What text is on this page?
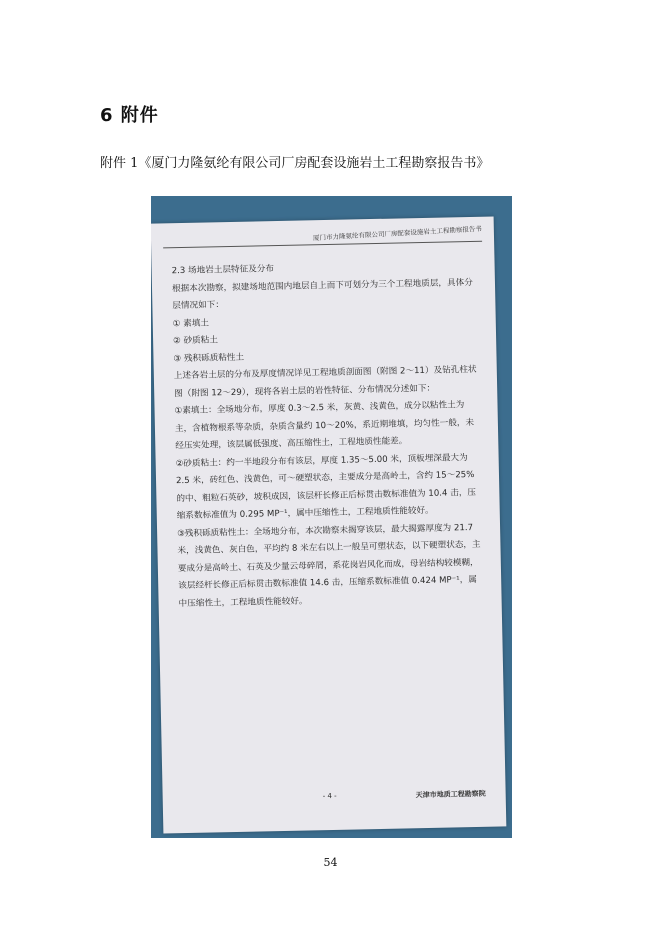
6 附件
附件 1《厦门力隆氨纶有限公司厂房配套设施岩土工程勘察报告书》
厦门市力隆氨纶有限公司厂房配套设施岩土工程勘察报告书

2.3 场地岩土层特征及分布

根据本次勘察，拟建场地范围内地层自上而下可划分为三个工程地质层，具体分层情况如下：

① 素填土

② 砂质粘土

③ 残积砾质粘性土

上述各岩土层的分布及厚度情况详见工程地质剖面图（附图 2～11）及钻孔柱状图（附图 12～29），现将各岩土层的岩性特征、分布情况分述如下：

①素填土：全场地分布，厚度 0.3～2.5 米，灰黄、浅黄色，成分以粘性土为主，含植物根系等杂质，杂质含量约 10～20%，系近期堆填，均匀性一般，未经压实处理，该层属低强度、高压缩性土，工程地质性能差。

②砂质粘土：约一半地段分布有该层，厚度 1.35～5.00 米，顶板埋深最大为 2.5 米，砖红色、浅黄色，可～硬塑状态，主要成分是高岭土，含约 15～25%的中、粗粒石英砂，坡积成因，该层杆长修正后标贯击数标准值为 10.4 击，压缩系数标准值为 0.295 MP⁻¹，属中压缩性土，工程地质性能较好。

③残积砾质粘性土：全场地分布，本次勘察未揭穿该层，最大揭露厚度为 21.7 米，浅黄色、灰白色，平均约 8 米左右以上一般呈可塑状态，以下硬塑状态，主要成分是高岭土、石英及少量云母碎屑，系花岗岩风化而成，母岩结构较模糊，该层经杆长修正后标贯击数标准值 14.6 击，压缩系数标准值 0.424 MP⁻¹，属中压缩性土，工程地质性能较好。

- 4 -	天津市地质工程勘察院
54
